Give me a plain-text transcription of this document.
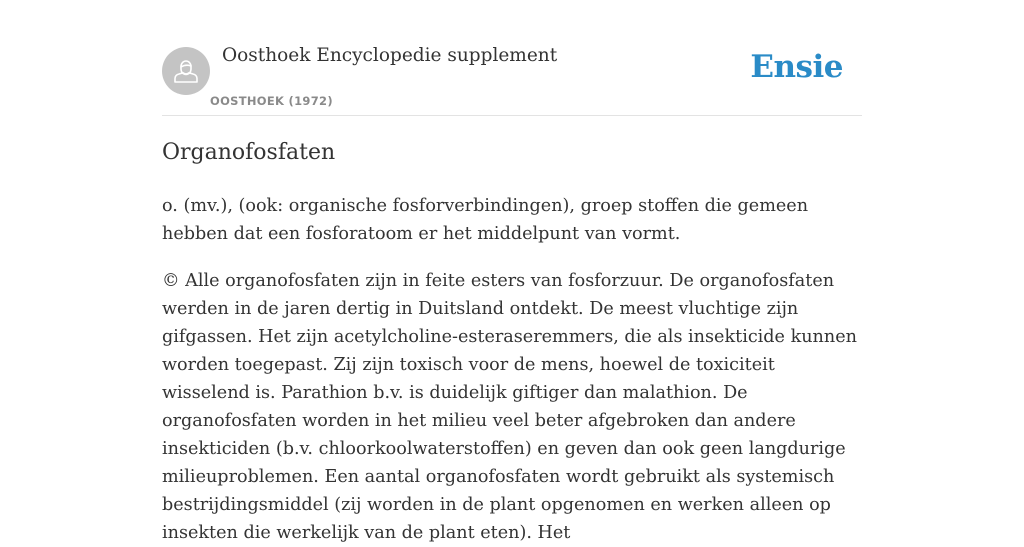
Oosthoek Encyclopedie supplement
OOSTHOEK (1972)
Ensie
Organofosfaten

o. (mv.), (ook: organische fosforverbindingen), groep stoffen die gemeen hebben dat een fosforatoom er het middelpunt van vormt.

© Alle organofosfaten zijn in feite esters van fosforzuur. De organofosfaten werden in de jaren dertig in Duitsland ontdekt. De meest vluchtige zijn gifgassen. Het zijn acetylcholine-esteraseremmers, die als insekticide kunnen worden toegepast. Zij zijn toxisch voor de mens, hoewel de toxiciteit wisselend is. Parathion b.v. is duidelijk giftiger dan malathion. De organofosfaten worden in het milieu veel beter afgebroken dan andere insekticiden (b.v. chloorkoolwaterstoffen) en geven dan ook geen langdurige milieuproblemen. Een aantal organofosfaten wordt gebruikt als systemisch bestrijdingsmiddel (zij worden in de plant opgenomen en werken alleen op insekten die werkelijk van de plant eten). Het
